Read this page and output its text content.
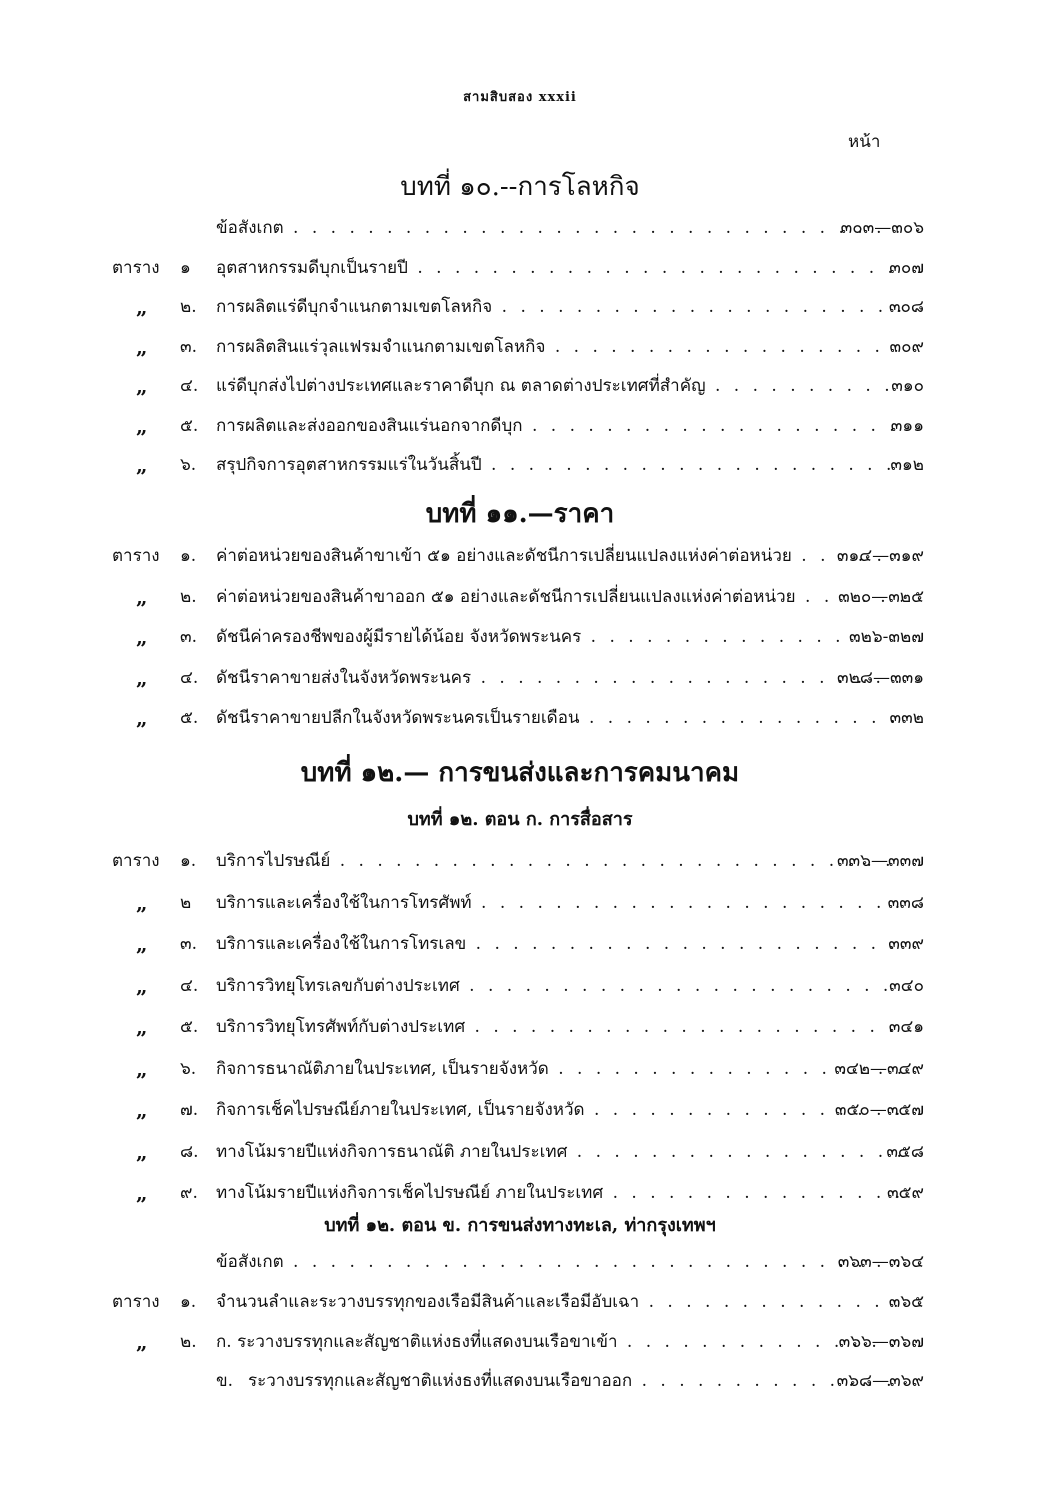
สามสิบสอง xxxii
หน้า
บทที่ ๑๐.--การโลหกิจ
ข้อสังเกต . .	๓๐๓—๓๐๖
ตาราง	๑	อุตสาหกรรมดีบุกเป็นรายปี . .	๓๐๗
„ ๒.	การผลิตแร่ดีบุกจำแนกตามเขตโลหกิจ . .	๓๐๘
„ ๓.	การผลิตสินแร่วุลแฟรมจำแนกตามเขตโลหกิจ . .	๓๐๙
„ ๔.	แร่ดีบุกส่งไปต่างประเทศและราคาดีบุก ณ ตลาดต่างประเทศที่สำคัญ . .	๓๑๐
„ ๕.	การผลิตและส่งออกของสินแร่นอกจากดีบุก . .	๓๑๑
„ ๖.	สรุปกิจการอุตสาหกรรมแร่ในวันสิ้นปี . .	๓๑๒
บทที่ ๑๑.—ราคา
ตาราง	๑.	ค่าต่อหน่วยของสินค้าขาเข้า ๕๑ อย่างและดัชนีการเปลี่ยนแปลงแห่งค่าต่อหน่วย . .	๓๑๔—๓๑๙
„ ๒.	ค่าต่อหน่วยของสินค้าขาออก ๕๑ อย่างและดัชนีการเปลี่ยนแปลงแห่งค่าต่อหน่วย . .	๓๒๐—๓๒๕
„ ๓.	ดัชนีค่าครองชีพของผู้มีรายได้น้อย จังหวัดพระนคร . .	๓๒๖-๓๒๗
„ ๔.	ดัชนีราคาขายส่งในจังหวัดพระนคร . .	๓๒๘—๓๓๑
„ ๕.	ดัชนีราคาขายปลีกในจังหวัดพระนครเป็นรายเดือน . .	๓๓๒
บทที่ ๑๒.— การขนส่งและการคมนาคม
บทที่ ๑๒. ตอน ก. การสื่อสาร
ตาราง	๑.	บริการไปรษณีย์ . .	๓๓๖—๓๓๗
„ ๒	บริการและเครื่องใช้ในการโทรศัพท์ . .	๓๓๘
„ ๓.	บริการและเครื่องใช้ในการโทรเลข . .	๓๓๙
„ ๔.	บริการวิทยุโทรเลขกับต่างประเทศ . .	๓๔๐
„ ๕.	บริการวิทยุโทรศัพท์กับต่างประเทศ . .	๓๔๑
„ ๖.	กิจการธนาณัติภายในประเทศ, เป็นรายจังหวัด . .	๓๔๒—๓๔๙
„ ๗.	กิจการเช็คไปรษณีย์ภายในประเทศ, เป็นรายจังหวัด . .	๓๕๐—๓๕๗
„ ๘.	ทางโน้มรายปีแห่งกิจการธนาณัติ ภายในประเทศ . .	๓๕๘
„ ๙.	ทางโน้มรายปีแห่งกิจการเช็คไปรษณีย์ ภายในประเทศ . .	๓๕๙
บทที่ ๑๒. ตอน ข. การขนส่งทางทะเล, ท่ากรุงเทพฯ
ข้อสังเกต . .	๓๖๓—๓๖๔
ตาราง	๑.	จำนวนลำและระวางบรรทุกของเรือมีสินค้าและเรือมีอับเฉา . .	๓๖๕
„ ๒.	ก. ระวางบรรทุกและสัญชาติแห่งธงที่แสดงบนเรือขาเข้า . .	๓๖๖—๓๖๗
ข. ระวางบรรทุกและสัญชาติแห่งธงที่แสดงบนเรือขาออก . .	๓๖๘—๓๖๙
